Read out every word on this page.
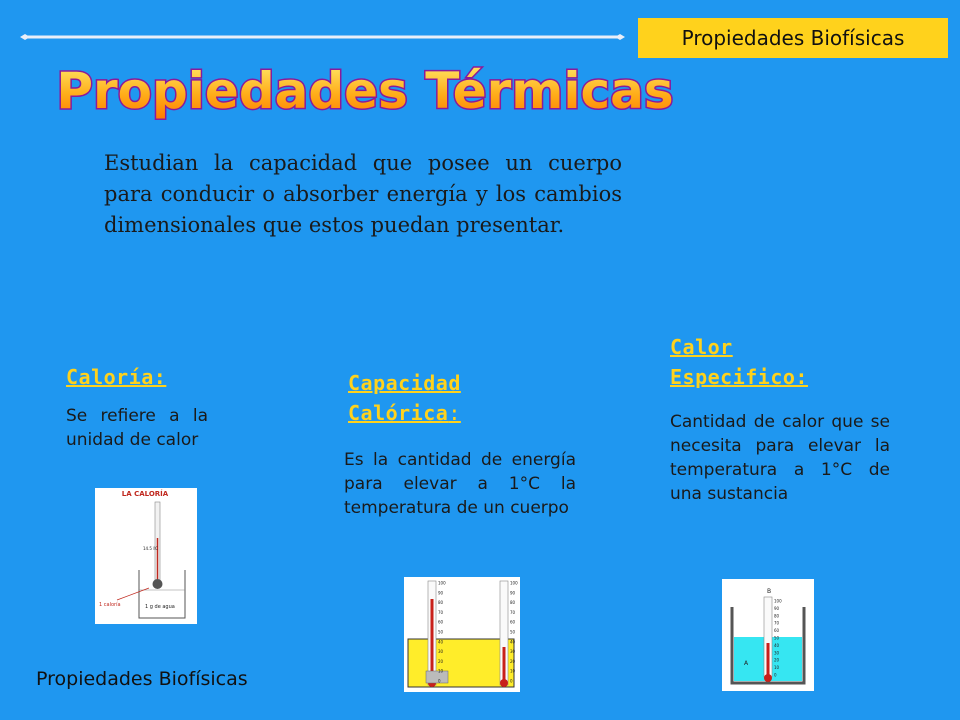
Propiedades Biofísicas
Propiedades Térmicas
Estudian la capacidad que posee un cuerpo para conducir o absorber energía y los cambios dimensionales que estos puedan presentar.
Caloría:
Se refiere a la unidad de calor
Capacidad Calórica:
Es la cantidad de energía para elevar a 1°C la temperatura de un cuerpo
Calor Especifico:
Cantidad de calor que se necesita para elevar la temperatura a 1°C de una sustancia
LA CALORÍA
14.5 °C
1 caloría	1 g de agua
100
90
80
70
60
50
40
30
20
10
0
100
90
80
70
60
50
40
30
20
10
0
B
A
100
90
80
70
60
50
40
30
20
10
0
Propiedades Biofísicas
